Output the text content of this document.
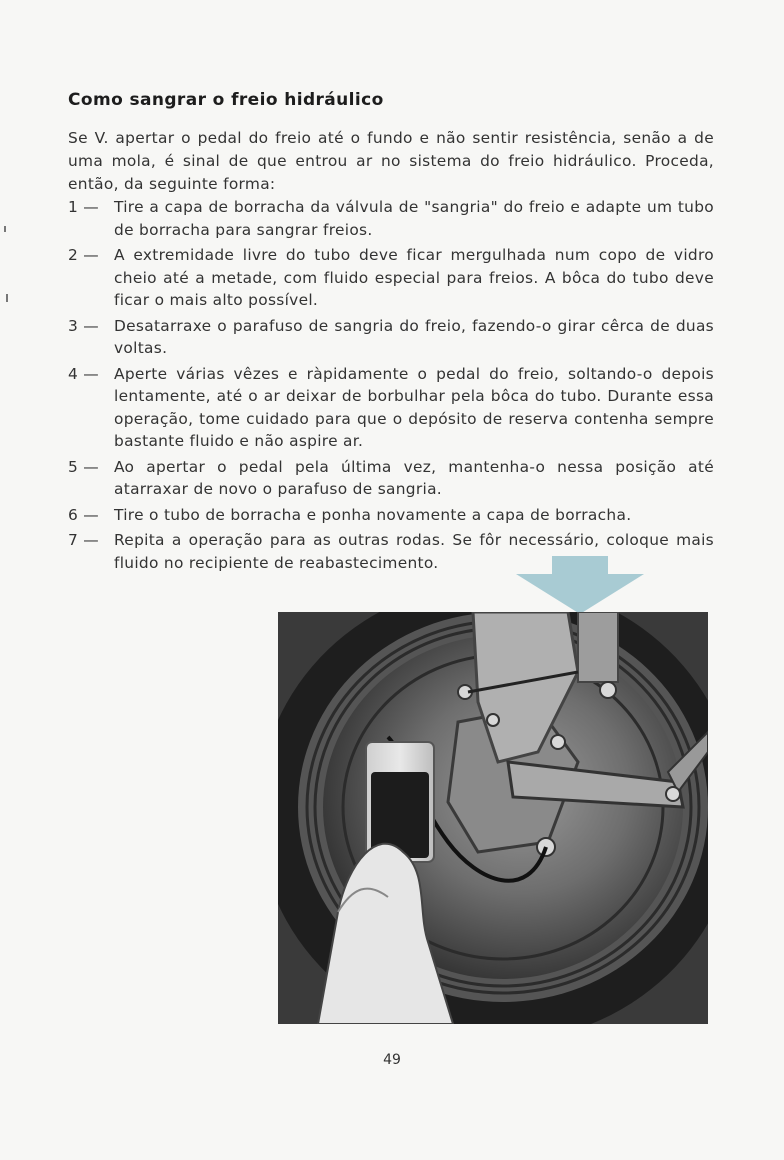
Como sangrar o freio hidráulico

Se V. apertar o pedal do freio até o fundo e não sentir resistência, senão a de uma mola, é sinal de que entrou ar no sistema do freio hidráulico. Proceda, então, da seguinte forma:

1 — Tire a capa de borracha da válvula de "sangria" do freio e adapte um tubo de borracha para sangrar freios.
2 — A extremidade livre do tubo deve ficar mergulhada num copo de vidro cheio até a metade, com fluido especial para freios. A bôca do tubo deve ficar o mais alto possível.
3 — Desatarraxe o parafuso de sangria do freio, fazendo-o girar cêrca de duas voltas.
4 — Aperte várias vêzes e ràpidamente o pedal do freio, soltando-o depois lentamente, até o ar deixar de borbulhar pela bôca do tubo. Durante essa operação, tome cuidado para que o depósito de reserva contenha sempre bastante fluido e não aspire ar.
5 — Ao apertar o pedal pela última vez, mantenha-o nessa posição até atarraxar de novo o parafuso de sangria.
6 — Tire o tubo de borracha e ponha novamente a capa de borracha.
7 — Repita a operação para as outras rodas. Se fôr necessário, coloque mais fluido no recipiente de reabastecimento.
49
